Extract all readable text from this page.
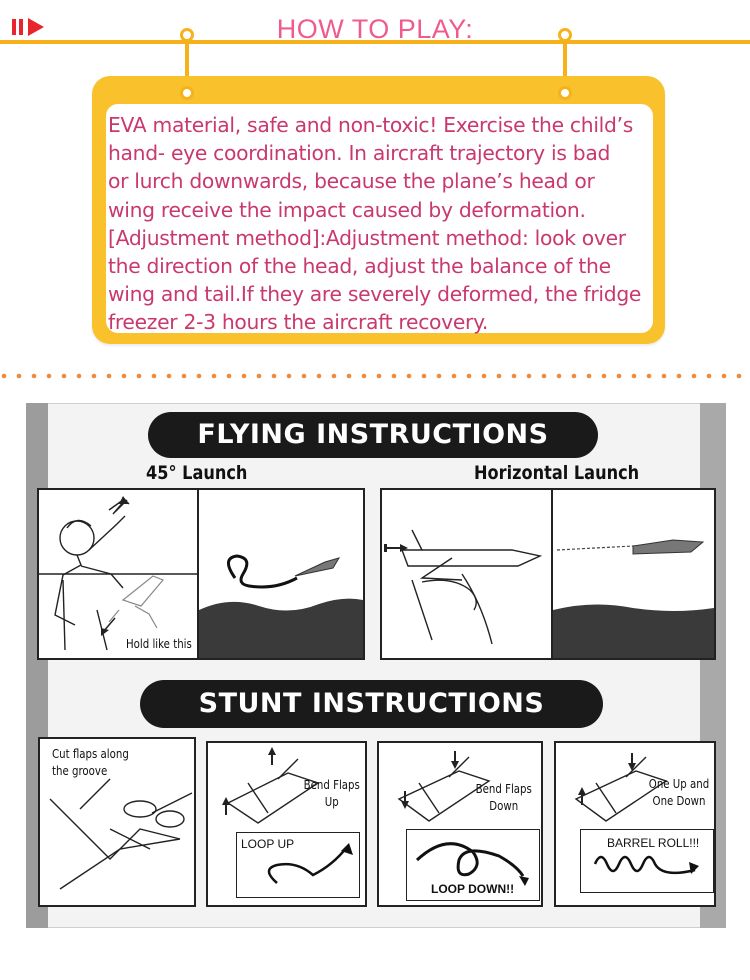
HOW TO PLAY:
EVA material, safe and non-toxic! Exercise the child’s
hand- eye coordination. In aircraft trajectory is bad
or lurch downwards, because the plane’s head or
wing receive the impact caused by deformation.
[Adjustment method]:Adjustment method: look over
the direction of the head, adjust the balance of the
wing and tail.If they are severely deformed, the fridge
freezer 2-3 hours the aircraft recovery.
FLYING INSTRUCTIONS
45° Launch	Horizontal Launch
Hold like this
STUNT INSTRUCTIONS
Cut flaps along
the groove
Bend Flaps
Up
LOOP UP
Bend Flaps
Down
LOOP DOWN!!
One Up and
One Down
BARREL ROLL!!!
